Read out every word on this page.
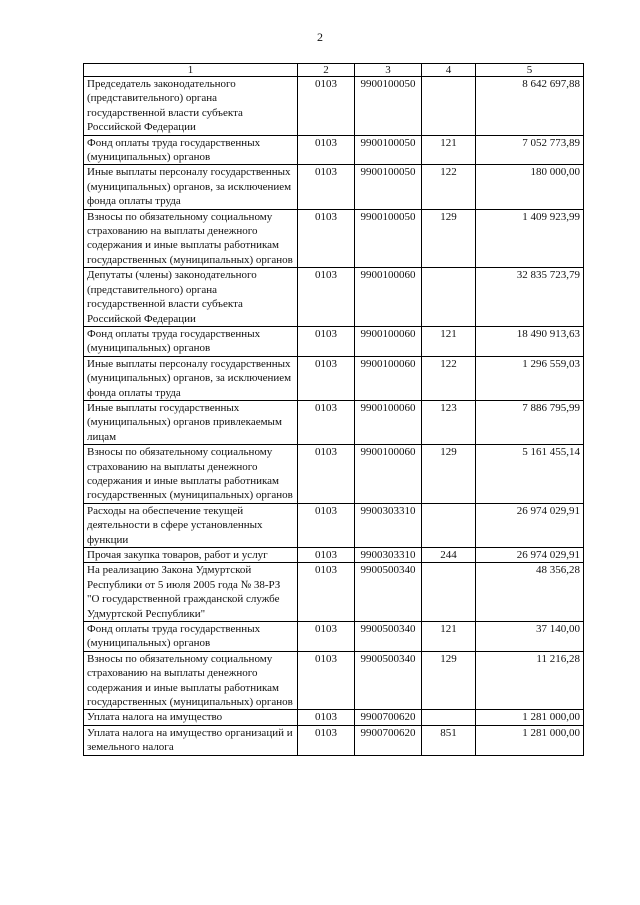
2
1	2	3	4	5
Председатель законодательного (представительного) органа государственной власти субъекта Российской Федерации	0103	9900100050		8 642 697,88
Фонд оплаты труда государственных (муниципальных) органов	0103	9900100050	121	7 052 773,89
Иные выплаты персоналу государственных (муниципальных) органов, за исключением фонда оплаты труда	0103	9900100050	122	180 000,00
Взносы по обязательному социальному страхованию на выплаты денежного содержания и иные выплаты работникам государственных (муниципальных) органов	0103	9900100050	129	1 409 923,99
Депутаты (члены) законодательного (представительного) органа государственной власти субъекта Российской Федерации	0103	9900100060		32 835 723,79
Фонд оплаты труда государственных (муниципальных) органов	0103	9900100060	121	18 490 913,63
Иные выплаты персоналу государственных (муниципальных) органов, за исключением фонда оплаты труда	0103	9900100060	122	1 296 559,03
Иные выплаты государственных (муниципальных) органов привлекаемым лицам	0103	9900100060	123	7 886 795,99
Взносы по обязательному социальному страхованию на выплаты денежного содержания и иные выплаты работникам государственных (муниципальных) органов	0103	9900100060	129	5 161 455,14
Расходы на обеспечение текущей деятельности в сфере установленных функции	0103	9900303310		26 974 029,91
Прочая закупка товаров, работ и услуг	0103	9900303310	244	26 974 029,91
На реализацию Закона Удмуртской Республики от 5 июля 2005 года № 38-РЗ "О государственной гражданской службе Удмуртской Республики"	0103	9900500340		48 356,28
Фонд оплаты труда государственных (муниципальных) органов	0103	9900500340	121	37 140,00
Взносы по обязательному социальному страхованию на выплаты денежного содержания и иные выплаты работникам государственных (муниципальных) органов	0103	9900500340	129	11 216,28
Уплата налога на имущество	0103	9900700620		1 281 000,00
Уплата налога на имущество организаций и земельного налога	0103	9900700620	851	1 281 000,00
